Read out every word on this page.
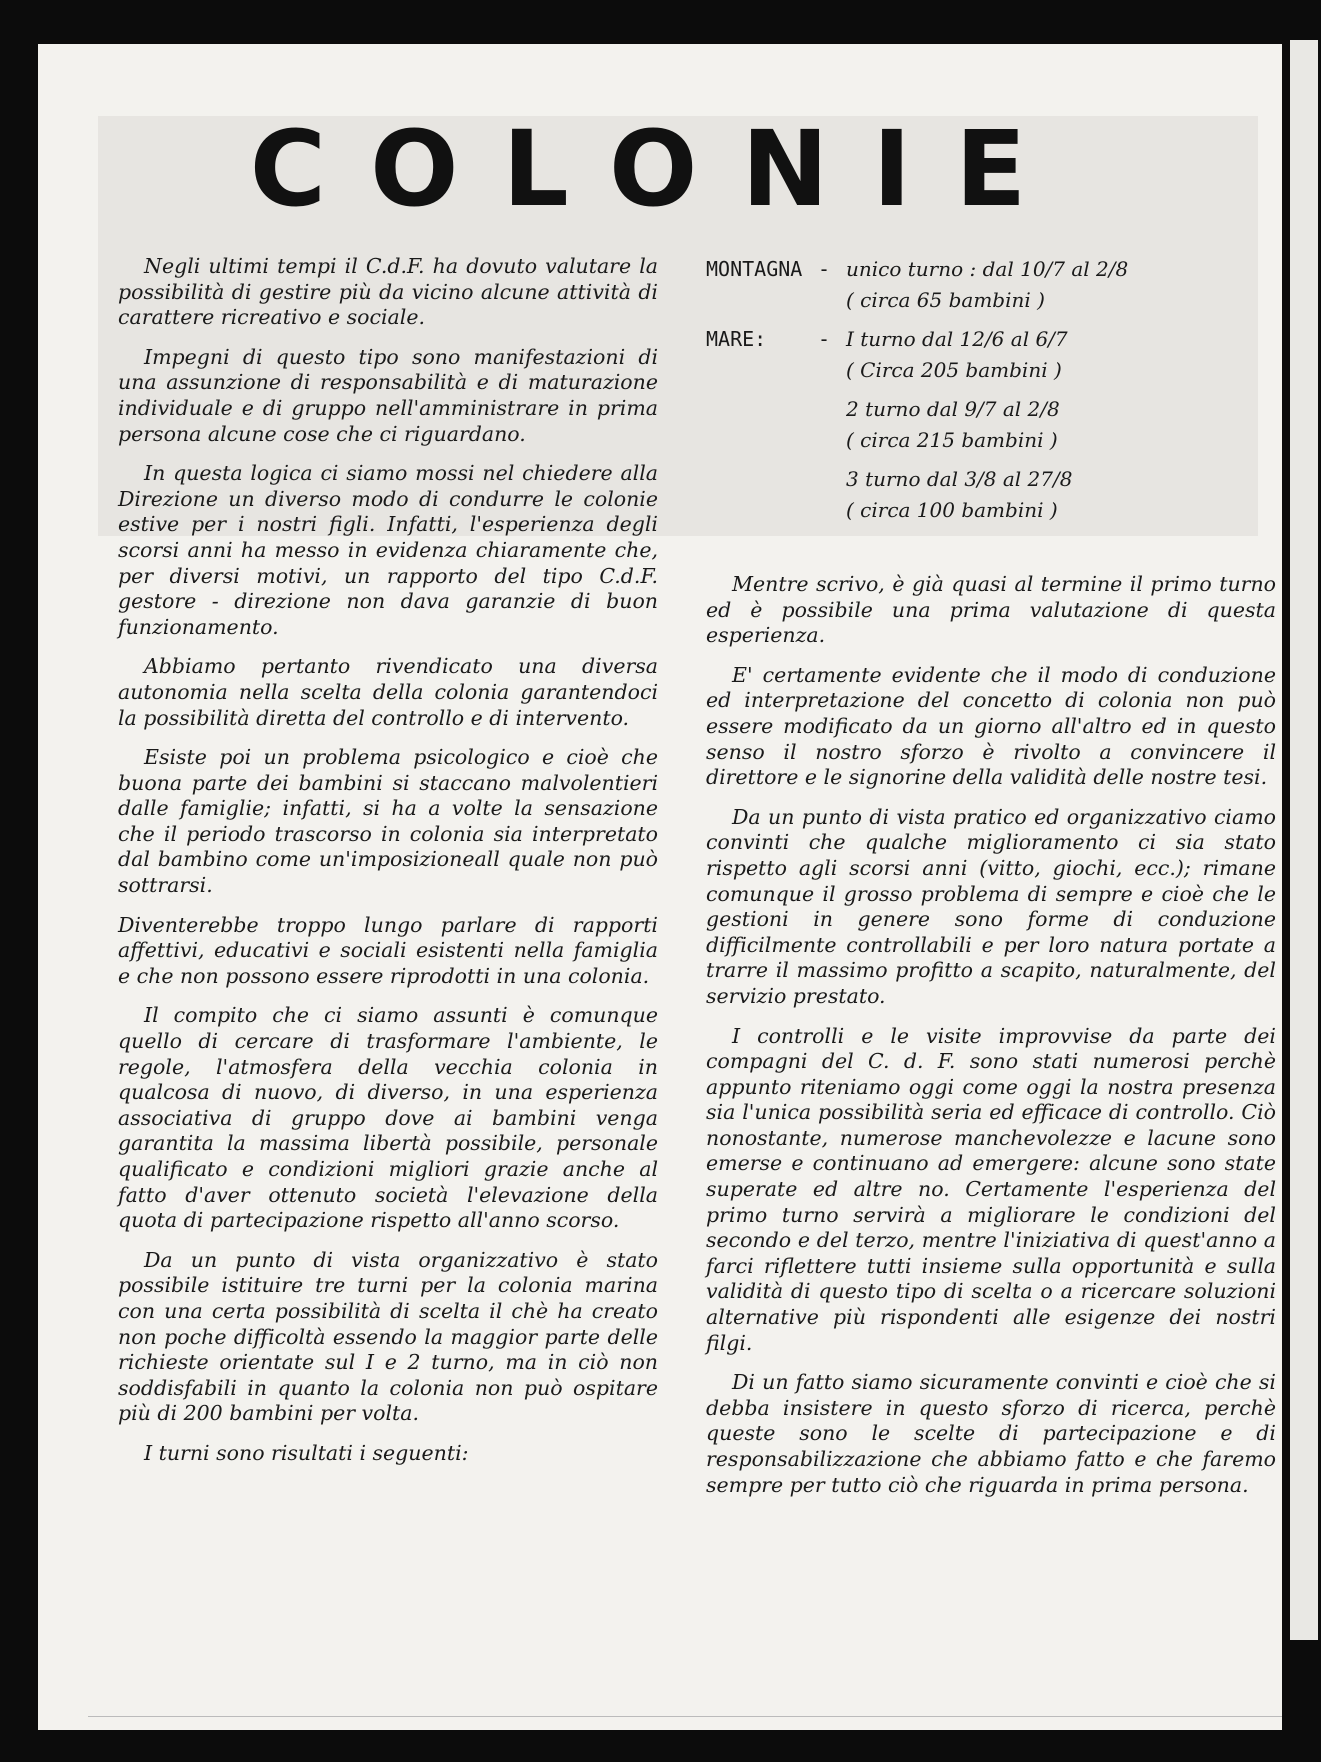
COLONIE

Negli ultimi tempi il C.d.F. ha dovuto valutare la possibilità di gestire più da vicino alcune attività di carattere ricreativo e sociale.

Impegni di questo tipo sono manifestazioni di una assunzione di responsabilità e di maturazione individuale e di gruppo nell'amministrare in prima persona alcune cose che ci riguardano.

In questa logica ci siamo mossi nel chiedere alla Direzione un diverso modo di condurre le colonie estive per i nostri figli. Infatti, l'esperienza degli scorsi anni ha messo in evidenza chiaramente che, per diversi motivi, un rapporto del tipo C.d.F. gestore - direzione non dava garanzie di buon funzionamento.

Abbiamo pertanto rivendicato una diversa autonomia nella scelta della colonia garantendoci la possibilità diretta del controllo e di intervento.

Esiste poi un problema psicologico e cioè che buona parte dei bambini si staccano malvolentieri dalle famiglie; infatti, si ha a volte la sensazione che il periodo trascorso in colonia sia interpretato dal bambino come un'imposizioneall quale non può sottrarsi.

Diventerebbe troppo lungo parlare di rapporti affettivi, educativi e sociali esistenti nella famiglia e che non possono essere riprodotti in una colonia.

Il compito che ci siamo assunti è comunque quello di cercare di trasformare l'ambiente, le regole, l'atmosfera della vecchia colonia in qualcosa di nuovo, di diverso, in una esperienza associativa di gruppo dove ai bambini venga garantita la massima libertà possibile, personale qualificato e condizioni migliori grazie anche al fatto d'aver ottenuto società l'elevazione della quota di partecipazione rispetto all'anno scorso.

Da un punto di vista organizzativo è stato possibile istituire tre turni per la colonia marina con una certa possibilità di scelta il chè ha creato non poche difficoltà essendo la maggior parte delle richieste orientate sul I e 2 turno, ma in ciò non soddisfabili in quanto la colonia non può ospitare più di 200 bambini per volta.

I turni sono risultati i seguenti:

MONTAGNA - unico turno : dal 10/7 al 2/8
( circa 65 bambini )
MARE:	- I turno dal 12/6 al 6/7
( Circa 205 bambini )
2 turno dal 9/7 al 2/8
( circa 215 bambini )
3 turno dal 3/8 al 27/8
( circa 100 bambini )

Mentre scrivo, è già quasi al termine il primo turno ed è possibile una prima valutazione di questa esperienza.

E' certamente evidente che il modo di conduzione ed interpretazione del concetto di colonia non può essere modificato da un giorno all'altro ed in questo senso il nostro sforzo è rivolto a convincere il direttore e le signorine della validità delle nostre tesi.

Da un punto di vista pratico ed organizzativo ciamo convinti che qualche miglioramento ci sia stato rispetto agli scorsi anni (vitto, giochi, ecc.); rimane comunque il grosso problema di sempre e cioè che le gestioni in genere sono forme di conduzione difficilmente controllabili e per loro natura portate a trarre il massimo profitto a scapito, naturalmente, del servizio prestato.

I controlli e le visite improvvise da parte dei compagni del C. d. F. sono stati numerosi perchè appunto riteniamo oggi come oggi la nostra presenza sia l'unica possibilità seria ed efficace di controllo. Ciò nonostante, numerose manchevolezze e lacune sono emerse e continuano ad emergere: alcune sono state superate ed altre no. Certamente l'esperienza del primo turno servirà a migliorare le condizioni del secondo e del terzo, mentre l'iniziativa di quest'anno a farci riflettere tutti insieme sulla opportunità e sulla validità di questo tipo di scelta o a ricercare soluzioni alternative più rispondenti alle esigenze dei nostri filgi.

Di un fatto siamo sicuramente convinti e cioè che si debba insistere in questo sforzo di ricerca, perchè queste sono le scelte di partecipazione e di responsabilizzazione che abbiamo fatto e che faremo sempre per tutto ciò che riguarda in prima persona.
